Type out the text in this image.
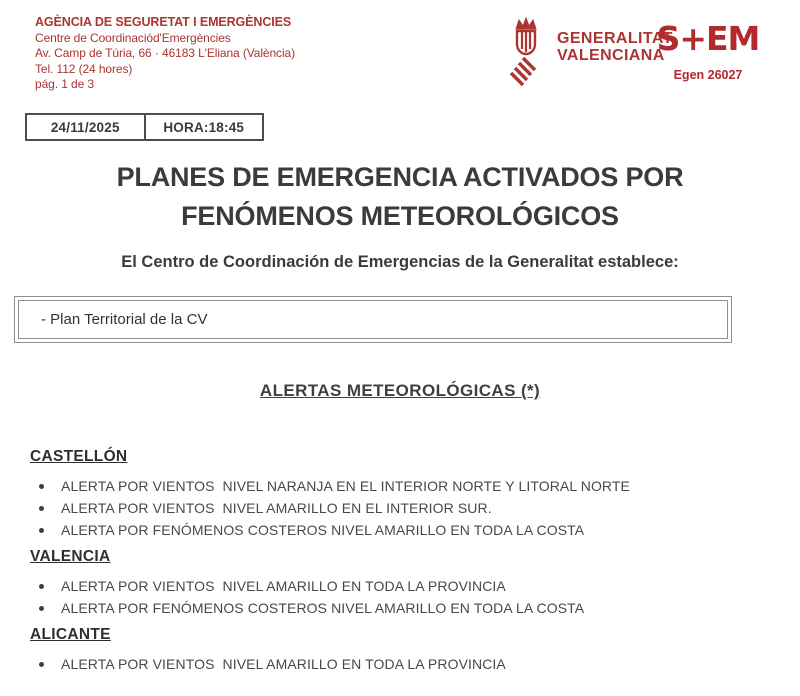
AGÈNCIA DE SEGURETAT I EMERGÈNCIES
Centre de Coordinaciód'Emergències
Av. Camp de Túria, 66 · 46183 L'Eliana (València)
Tel. 112 (24 hores)
pág. 1 de 3
GENERALITAT
VALENCIANA
S+EM
Egen 26027
24/11/2025	HORA:18:45
PLANES DE EMERGENCIA ACTIVADOS POR
FENÓMENOS METEOROLÓGICOS
El Centro de Coordinación de Emergencias de la Generalitat establece:
- Plan Territorial de la CV
ALERTAS METEOROLÓGICAS (*)
CASTELLÓN
ALERTA POR VIENTOS  NIVEL NARANJA EN EL INTERIOR NORTE Y LITORAL NORTE
ALERTA POR VIENTOS  NIVEL AMARILLO EN EL INTERIOR SUR.
ALERTA POR FENÓMENOS COSTEROS NIVEL AMARILLO EN TODA LA COSTA
VALENCIA
ALERTA POR VIENTOS  NIVEL AMARILLO EN TODA LA PROVINCIA
ALERTA POR FENÓMENOS COSTEROS NIVEL AMARILLO EN TODA LA COSTA
ALICANTE
ALERTA POR VIENTOS  NIVEL AMARILLO EN TODA LA PROVINCIA
